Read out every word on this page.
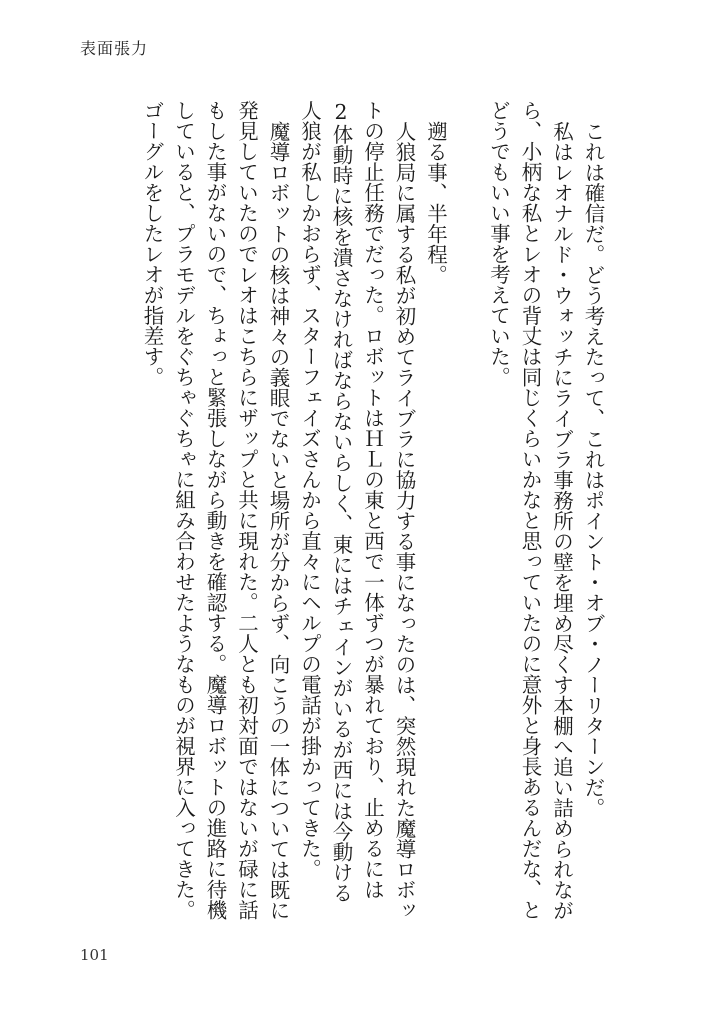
表面張力

これは確信だ。どう考えたって、これはポイント・オブ・ノーリターンだ。

私はレオナルド・ウォッチにライブラ事務所の壁を埋め尽くす本棚へ追い詰められながら、小柄な私とレオの背丈は同じくらいかなと思っていたのに意外と身長あるんだな、とどうでもいい事を考えていた。

遡る事、半年程。

人狼局に属する私が初めてライブラに協力する事になったのは、突然現れた魔導ロボットの停止任務でだった。ロボットはＨＬの東と西で一体ずつが暴れており、止めるには2体動時に核を潰さなければならないらしく、東にはチェインがいるが西には今動ける人狼が私しかおらず、スターフェイズさんから直々にヘルプの電話が掛かってきた。

魔導ロボットの核は神々の義眼でないと場所が分からず、向こうの一体については既に発見していたのでレオはこちらにザップと共に現れた。二人とも初対面ではないが碌に話もした事がないので、ちょっと緊張しながら動きを確認する。魔導ロボットの進路に待機していると、プラモデルをぐちゃぐちゃに組み合わせたようなものが視界に入ってきた。ゴーグルをしたレオが指差す。

101
